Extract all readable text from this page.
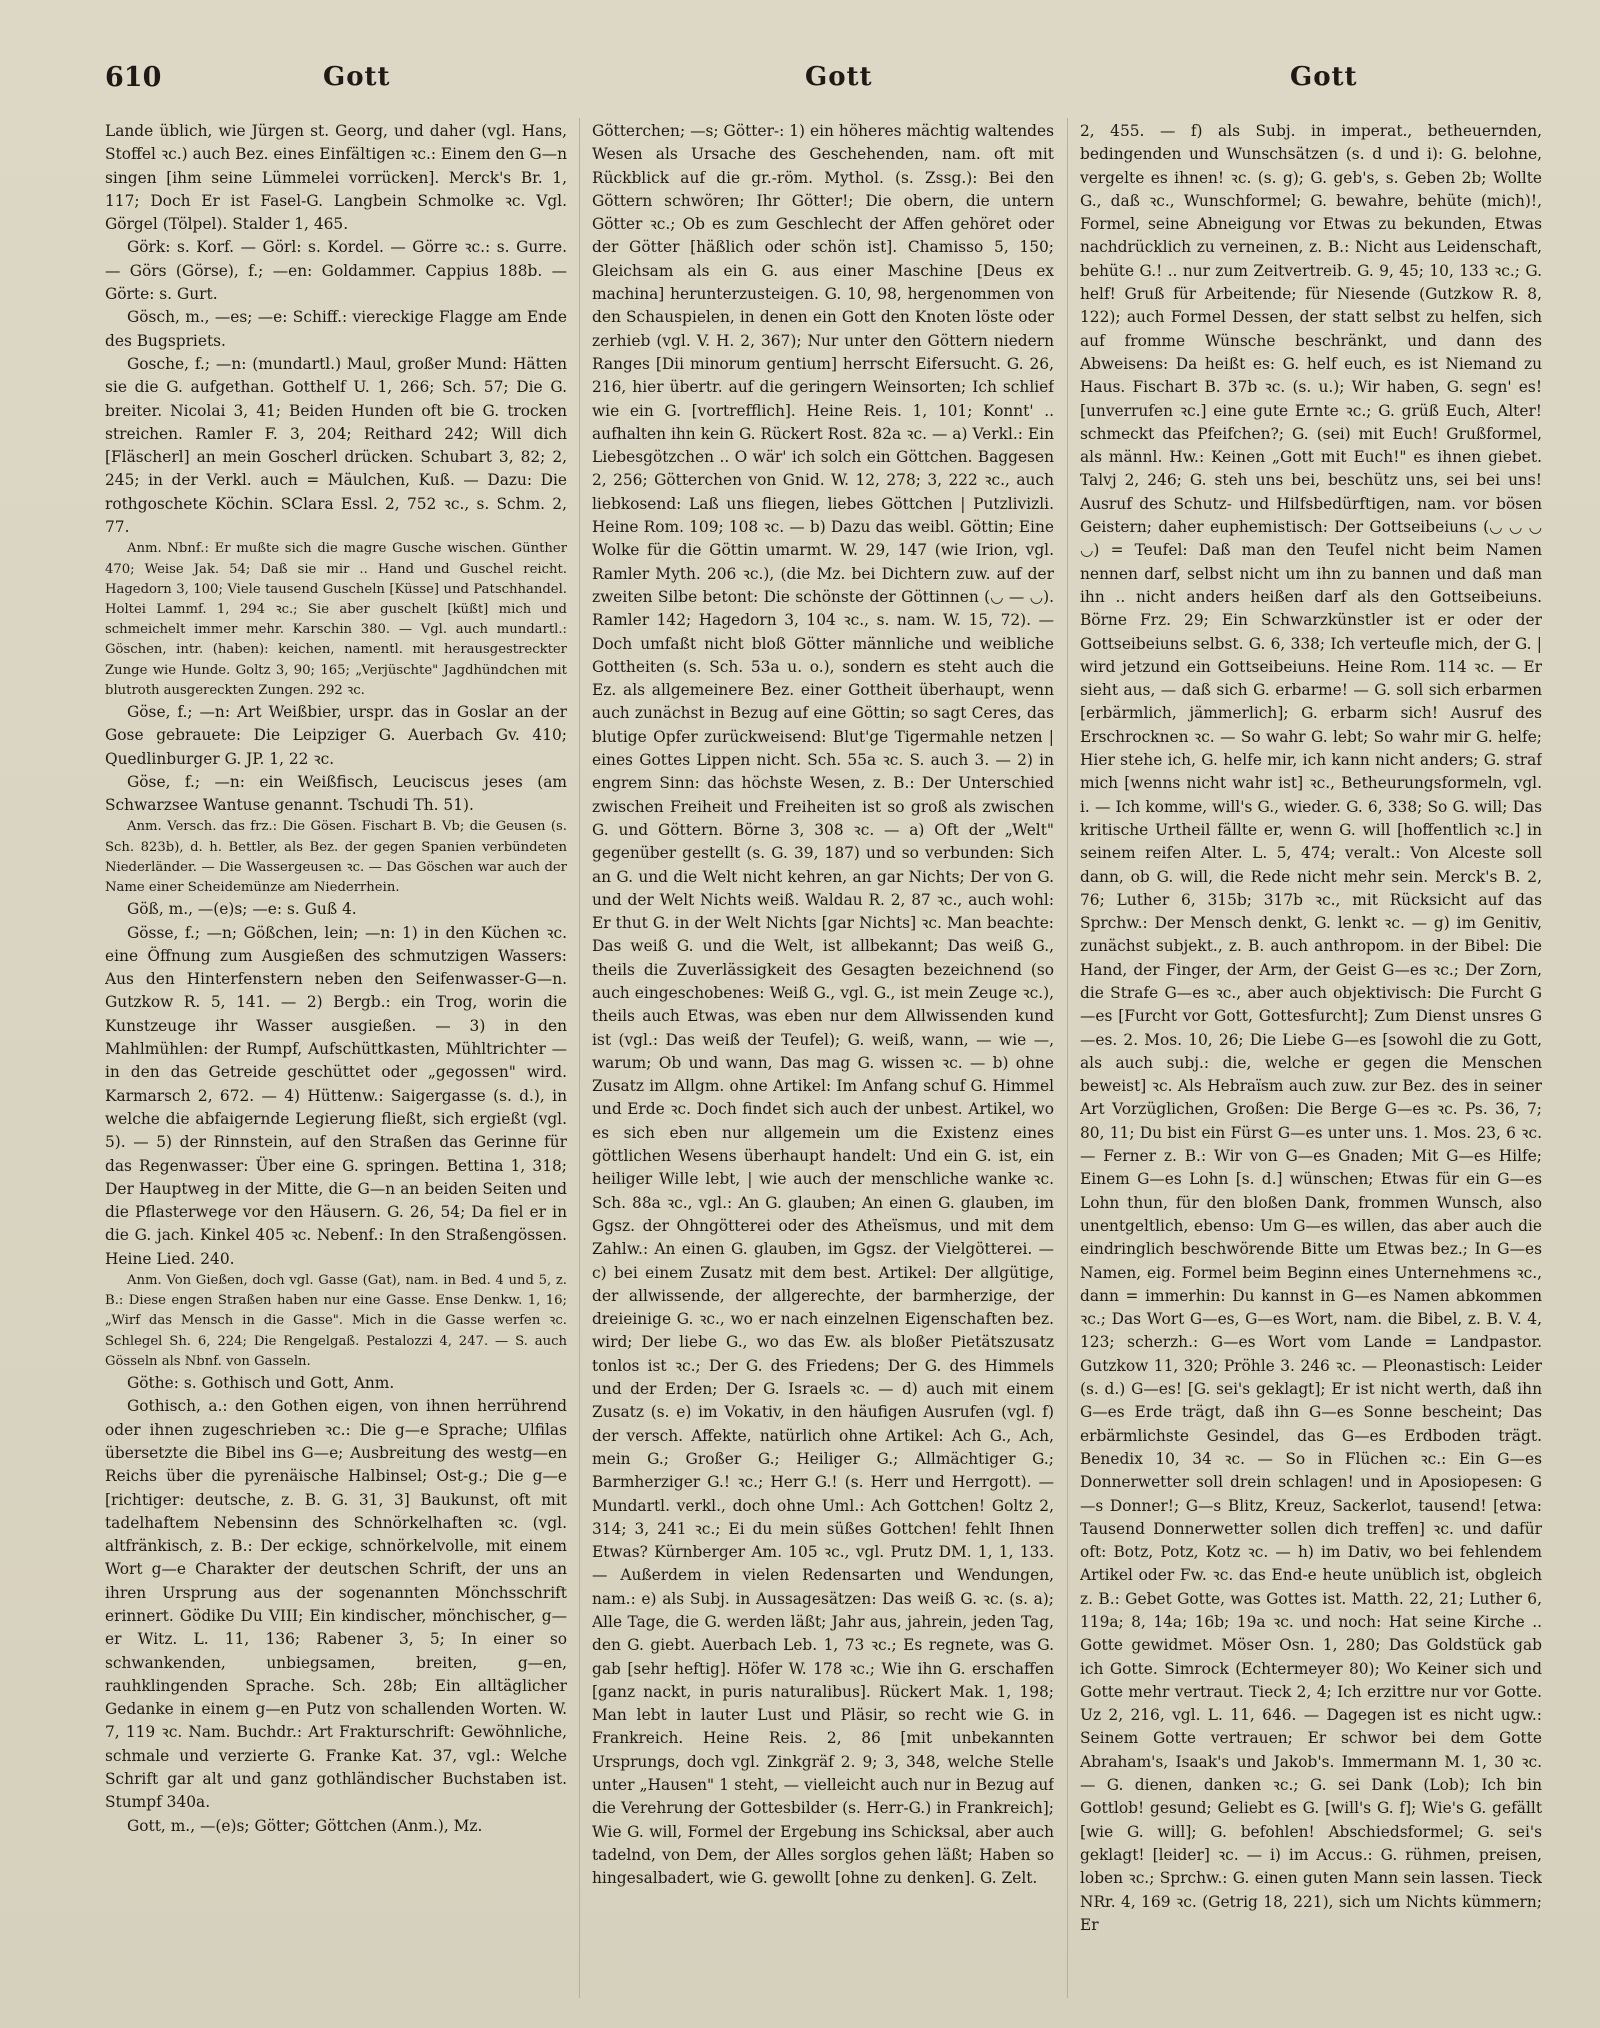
610	Gott	Gott	Gott

Lande üblich, wie Jürgen st. Georg, und daher (vgl. Hans, Stoffel ꝛc.) auch Bez. eines Einfältigen ꝛc.: Einem den G—n singen [ihm seine Lümmelei vorrücken]. Merck's Br. 1, 117; Doch Er ist Fasel-G. Langbein Schmolke ꝛc. Vgl. Görgel (Tölpel). Stalder 1, 465.

Görk: s. Korf. — Görl: s. Kordel. — Görre ꝛc.: s. Gurre. — Görs (Görse), f.; —en: Goldammer. Cappius 188b. — Görte: s. Gurt.

Gösch, m., —es; —e: Schiff.: viereckige Flagge am Ende des Bugspriets.

Gosche, f.; —n: (mundartl.) Maul, großer Mund: Hätten sie die G. aufgethan. Gotthelf U. 1, 266; Sch. 57; Die G. breiter. Nicolai 3, 41; Beiden Hunden oft bie G. trocken streichen. Ramler F. 3, 204; Reithard 242; Will dich [Fläscherl] an mein Goscherl drücken. Schubart 3, 82; 2, 245; in der Verkl. auch = Mäulchen, Kuß. — Dazu: Die rothgoschete Köchin. SClara Essl. 2, 752 ꝛc., s. Schm. 2, 77.

Anm. Nbnf.: Er mußte sich die magre Gusche wischen. Günther 470; Weise Jak. 54; Daß sie mir .. Hand und Guschel reicht. Hagedorn 3, 100; Viele tausend Guscheln [Küsse] und Patschhandel. Holtei Lammf. 1, 294 ꝛc.; Sie aber guschelt [küßt] mich und schmeichelt immer mehr. Karschin 380. — Vgl. auch mundartl.: Göschen, intr. (haben): keichen, namentl. mit herausgestreckter Zunge wie Hunde. Goltz 3, 90; 165; „Verjüschte" Jagdhündchen mit blutroth ausgereckten Zungen. 292 ꝛc.

Göse, f.; —n: Art Weißbier, urspr. das in Goslar an der Gose gebrauete: Die Leipziger G. Auerbach Gv. 410; Quedlinburger G. JP. 1, 22 ꝛc.

Göse, f.; —n: ein Weißfisch, Leuciscus jeses (am Schwarzsee Wantuse genannt. Tschudi Th. 51).

Anm. Versch. das frz.: Die Gösen. Fischart B. Vb; die Geusen (s. Sch. 823b), d. h. Bettler, als Bez. der gegen Spanien verbündeten Niederländer. — Die Wassergeusen ꝛc. — Das Göschen war auch der Name einer Scheidemünze am Niederrhein.

Göß, m., —(e)s; —e: s. Guß 4.

Gösse, f.; —n; Gößchen, lein; —n: 1) in den Küchen ꝛc. eine Öffnung zum Ausgießen des schmutzigen Wassers: Aus den Hinterfenstern neben den Seifenwasser-G—n. Gutzkow R. 5, 141. — 2) Bergb.: ein Trog, worin die Kunstzeuge ihr Wasser ausgießen. — 3) in den Mahlmühlen: der Rumpf, Aufschüttkasten, Mühltrichter — in den das Getreide geschüttet oder „gegossen" wird. Karmarsch 2, 672. — 4) Hüttenw.: Saigergasse (s. d.), in welche die abfaigernde Legierung fließt, sich ergießt (vgl. 5). — 5) der Rinnstein, auf den Straßen das Gerinne für das Regenwasser: Über eine G. springen. Bettina 1, 318; Der Hauptweg in der Mitte, die G—n an beiden Seiten und die Pflasterwege vor den Häusern. G. 26, 54; Da fiel er in die G. jach. Kinkel 405 ꝛc. Nebenf.: In den Straßengössen. Heine Lied. 240.

Anm. Von Gießen, doch vgl. Gasse (Gat), nam. in Bed. 4 und 5, z. B.: Diese engen Straßen haben nur eine Gasse. Ense Denkw. 1, 16; „Wirf das Mensch in die Gasse". Mich in die Gasse werfen ꝛc. Schlegel Sh. 6, 224; Die Rengelgaß. Pestalozzi 4, 247. — S. auch Gösseln als Nbnf. von Gasseln.

Göthe: s. Gothisch und Gott, Anm.

Gothisch, a.: den Gothen eigen, von ihnen herrührend oder ihnen zugeschrieben ꝛc.: Die g—e Sprache; Ulfilas übersetzte die Bibel ins G—e; Ausbreitung des westg—en Reichs über die pyrenäische Halbinsel; Ost-g.; Die g—e [richtiger: deutsche, z. B. G. 31, 3] Baukunst, oft mit tadelhaftem Nebensinn des Schnörkelhaften ꝛc. (vgl. altfränkisch, z. B.: Der eckige, schnörkelvolle, mit einem Wort g—e Charakter der deutschen Schrift, der uns an ihren Ursprung aus der sogenannten Mönchsschrift erinnert. Gödike Du VIII; Ein kindischer, mönchischer, g—er Witz. L. 11, 136; Rabener 3, 5; In einer so schwankenden, unbiegsamen, breiten, g—en, rauhklingenden Sprache. Sch. 28b; Ein alltäglicher Gedanke in einem g—en Putz von schallenden Worten. W. 7, 119 ꝛc. Nam. Buchdr.: Art Frakturschrift: Gewöhnliche, schmale und verzierte G. Franke Kat. 37, vgl.: Welche Schrift gar alt und ganz gothländischer Buchstaben ist. Stumpf 340a.

Gott, m., —(e)s; Götter; Göttchen (Anm.), Mz.

Götterchen; —s; Götter-: 1) ein höheres mächtig waltendes Wesen als Ursache des Geschehenden, nam. oft mit Rückblick auf die gr.-röm. Mythol. (s. Zssg.): Bei den Göttern schwören; Ihr Götter!; Die obern, die untern Götter ꝛc.; Ob es zum Geschlecht der Affen gehöret oder der Götter [häßlich oder schön ist]. Chamisso 5, 150; Gleichsam als ein G. aus einer Maschine [Deus ex machina] herunterzusteigen. G. 10, 98, hergenommen von den Schauspielen, in denen ein Gott den Knoten löste oder zerhieb (vgl. V. H. 2, 367); Nur unter den Göttern niedern Ranges [Dii minorum gentium] herrscht Eifersucht. G. 26, 216, hier übertr. auf die geringern Weinsorten; Ich schlief wie ein G. [vortrefflich]. Heine Reis. 1, 101; Konnt' .. aufhalten ihn kein G. Rückert Rost. 82a ꝛc. — a) Verkl.: Ein Liebesgötzchen .. O wär' ich solch ein Göttchen. Baggesen 2, 256; Götterchen von Gnid. W. 12, 278; 3, 222 ꝛc., auch liebkosend: Laß uns fliegen, liebes Göttchen | Putzlivizli. Heine Rom. 109; 108 ꝛc. — b) Dazu das weibl. Göttin; Eine Wolke für die Göttin umarmt. W. 29, 147 (wie Irion, vgl. Ramler Myth. 206 ꝛc.), (die Mz. bei Dichtern zuw. auf der zweiten Silbe betont: Die schönste der Göttinnen (◡ — ◡). Ramler 142; Hagedorn 3, 104 ꝛc., s. nam. W. 15, 72). — Doch umfaßt nicht bloß Götter männliche und weibliche Gottheiten (s. Sch. 53a u. o.), sondern es steht auch die Ez. als allgemeinere Bez. einer Gottheit überhaupt, wenn auch zunächst in Bezug auf eine Göttin; so sagt Ceres, das blutige Opfer zurückweisend: Blut'ge Tigermahle netzen | eines Gottes Lippen nicht. Sch. 55a ꝛc. S. auch 3. — 2) in engrem Sinn: das höchste Wesen, z. B.: Der Unterschied zwischen Freiheit und Freiheiten ist so groß als zwischen G. und Göttern. Börne 3, 308 ꝛc. — a) Oft der „Welt" gegenüber gestellt (s. G. 39, 187) und so verbunden: Sich an G. und die Welt nicht kehren, an gar Nichts; Der von G. und der Welt Nichts weiß. Waldau R. 2, 87 ꝛc., auch wohl: Er thut G. in der Welt Nichts [gar Nichts] ꝛc. Man beachte: Das weiß G. und die Welt, ist allbekannt; Das weiß G., theils die Zuverlässigkeit des Gesagten bezeichnend (so auch eingeschobenes: Weiß G., vgl. G., ist mein Zeuge ꝛc.), theils auch Etwas, was eben nur dem Allwissenden kund ist (vgl.: Das weiß der Teufel); G. weiß, wann, — wie —, warum; Ob und wann, Das mag G. wissen ꝛc. — b) ohne Zusatz im Allgm. ohne Artikel: Im Anfang schuf G. Himmel und Erde ꝛc. Doch findet sich auch der unbest. Artikel, wo es sich eben nur allgemein um die Existenz eines göttlichen Wesens überhaupt handelt: Und ein G. ist, ein heiliger Wille lebt, | wie auch der menschliche wanke ꝛc. Sch. 88a ꝛc., vgl.: An G. glauben; An einen G. glauben, im Ggsz. der Ohngötterei oder des Atheïsmus, und mit dem Zahlw.: An einen G. glauben, im Ggsz. der Vielgötterei. — c) bei einem Zusatz mit dem best. Artikel: Der allgütige, der allwissende, der allgerechte, der barmherzige, der dreieinige G. ꝛc., wo er nach einzelnen Eigenschaften bez. wird; Der liebe G., wo das Ew. als bloßer Pietätszusatz tonlos ist ꝛc.; Der G. des Friedens; Der G. des Himmels und der Erden; Der G. Israels ꝛc. — d) auch mit einem Zusatz (s. e) im Vokativ, in den häufigen Ausrufen (vgl. f) der versch. Affekte, natürlich ohne Artikel: Ach G., Ach, mein G.; Großer G.; Heiliger G.; Allmächtiger G.; Barmherziger G.! ꝛc.; Herr G.! (s. Herr und Herrgott). — Mundartl. verkl., doch ohne Uml.: Ach Gottchen! Goltz 2, 314; 3, 241 ꝛc.; Ei du mein süßes Gottchen! fehlt Ihnen Etwas? Kürnberger Am. 105 ꝛc., vgl. Prutz DM. 1, 1, 133. — Außerdem in vielen Redensarten und Wendungen, nam.: e) als Subj. in Aussagesätzen: Das weiß G. ꝛc. (s. a); Alle Tage, die G. werden läßt; Jahr aus, jahrein, jeden Tag, den G. giebt. Auerbach Leb. 1, 73 ꝛc.; Es regnete, was G. gab [sehr heftig]. Höfer W. 178 ꝛc.; Wie ihn G. erschaffen [ganz nackt, in puris naturalibus]. Rückert Mak. 1, 198; Man lebt in lauter Lust und Pläsir, so recht wie G. in Frankreich. Heine Reis. 2, 86 [mit unbekannten Ursprungs, doch vgl. Zinkgräf 2. 9; 3, 348, welche Stelle unter „Hausen" 1 steht, — vielleicht auch nur in Bezug auf die Verehrung der Gottesbilder (s. Herr-G.) in Frankreich]; Wie G. will, Formel der Ergebung ins Schicksal, aber auch tadelnd, von Dem, der Alles sorglos gehen läßt; Haben so hingesalbadert, wie G. gewollt [ohne zu denken]. G. Zelt.

2, 455. — f) als Subj. in imperat., betheuernden, bedingenden und Wunschsätzen (s. d und i): G. belohne, vergelte es ihnen! ꝛc. (s. g); G. geb's, s. Geben 2b; Wollte G., daß ꝛc., Wunschformel; G. bewahre, behüte (mich)!, Formel, seine Abneigung vor Etwas zu bekunden, Etwas nachdrücklich zu verneinen, z. B.: Nicht aus Leidenschaft, behüte G.! .. nur zum Zeitvertreib. G. 9, 45; 10, 133 ꝛc.; G. helf! Gruß für Arbeitende; für Niesende (Gutzkow R. 8, 122); auch Formel Dessen, der statt selbst zu helfen, sich auf fromme Wünsche beschränkt, und dann des Abweisens: Da heißt es: G. helf euch, es ist Niemand zu Haus. Fischart B. 37b ꝛc. (s. u.); Wir haben, G. segn' es! [unverrufen ꝛc.] eine gute Ernte ꝛc.; G. grüß Euch, Alter! schmeckt das Pfeifchen?; G. (sei) mit Euch! Grußformel, als männl. Hw.: Keinen „Gott mit Euch!" es ihnen giebet. Talvj 2, 246; G. steh uns bei, beschütz uns, sei bei uns! Ausruf des Schutz- und Hilfsbedürftigen, nam. vor bösen Geistern; daher euphemistisch: Der Gottseibeiuns (◡ ◡ ◡ ◡) = Teufel: Daß man den Teufel nicht beim Namen nennen darf, selbst nicht um ihn zu bannen und daß man ihn .. nicht anders heißen darf als den Gottseibeiuns. Börne Frz. 29; Ein Schwarzkünstler ist er oder der Gottseibeiuns selbst. G. 6, 338; Ich verteufle mich, der G. | wird jetzund ein Gottseibeiuns. Heine Rom. 114 ꝛc. — Er sieht aus, — daß sich G. erbarme! — G. soll sich erbarmen [erbärmlich, jämmerlich]; G. erbarm sich! Ausruf des Erschrocknen ꝛc. — So wahr G. lebt; So wahr mir G. helfe; Hier stehe ich, G. helfe mir, ich kann nicht anders; G. straf mich [wenns nicht wahr ist] ꝛc., Betheurungsformeln, vgl. i. — Ich komme, will's G., wieder. G. 6, 338; So G. will; Das kritische Urtheil fällte er, wenn G. will [hoffentlich ꝛc.] in seinem reifen Alter. L. 5, 474; veralt.: Von Alceste soll dann, ob G. will, die Rede nicht mehr sein. Merck's B. 2, 76; Luther 6, 315b; 317b ꝛc., mit Rücksicht auf das Sprchw.: Der Mensch denkt, G. lenkt ꝛc. — g) im Genitiv, zunächst subjekt., z. B. auch anthropom. in der Bibel: Die Hand, der Finger, der Arm, der Geist G—es ꝛc.; Der Zorn, die Strafe G—es ꝛc., aber auch objektivisch: Die Furcht G—es [Furcht vor Gott, Gottesfurcht]; Zum Dienst unsres G—es. 2. Mos. 10, 26; Die Liebe G—es [sowohl die zu Gott, als auch subj.: die, welche er gegen die Menschen beweist] ꝛc. Als Hebraïsm auch zuw. zur Bez. des in seiner Art Vorzüglichen, Großen: Die Berge G—es ꝛc. Ps. 36, 7; 80, 11; Du bist ein Fürst G—es unter uns. 1. Mos. 23, 6 ꝛc. — Ferner z. B.: Wir von G—es Gnaden; Mit G—es Hilfe; Einem G—es Lohn [s. d.] wünschen; Etwas für ein G—es Lohn thun, für den bloßen Dank, frommen Wunsch, also unentgeltlich, ebenso: Um G—es willen, das aber auch die eindringlich beschwörende Bitte um Etwas bez.; In G—es Namen, eig. Formel beim Beginn eines Unternehmens ꝛc., dann = immerhin: Du kannst in G—es Namen abkommen ꝛc.; Das Wort G—es, G—es Wort, nam. die Bibel, z. B. V. 4, 123; scherzh.: G—es Wort vom Lande = Landpastor. Gutzkow 11, 320; Pröhle 3. 246 ꝛc. — Pleonastisch: Leider (s. d.) G—es! [G. sei's geklagt]; Er ist nicht werth, daß ihn G—es Erde trägt, daß ihn G—es Sonne bescheint; Das erbärmlichste Gesindel, das G—es Erdboden trägt. Benedix 10, 34 ꝛc. — So in Flüchen ꝛc.: Ein G—es Donnerwetter soll drein schlagen! und in Aposiopesen: G—s Donner!; G—s Blitz, Kreuz, Sackerlot, tausend! [etwa: Tausend Donnerwetter sollen dich treffen] ꝛc. und dafür oft: Botz, Potz, Kotz ꝛc. — h) im Dativ, wo bei fehlendem Artikel oder Fw. ꝛc. das End-e heute unüblich ist, obgleich z. B.: Gebet Gotte, was Gottes ist. Matth. 22, 21; Luther 6, 119a; 8, 14a; 16b; 19a ꝛc. und noch: Hat seine Kirche .. Gotte gewidmet. Möser Osn. 1, 280; Das Goldstück gab ich Gotte. Simrock (Echtermeyer 80); Wo Keiner sich und Gotte mehr vertraut. Tieck 2, 4; Ich erzittre nur vor Gotte. Uz 2, 216, vgl. L. 11, 646. — Dagegen ist es nicht ugw.: Seinem Gotte vertrauen; Er schwor bei dem Gotte Abraham's, Isaak's und Jakob's. Immermann M. 1, 30 ꝛc. — G. dienen, danken ꝛc.; G. sei Dank (Lob); Ich bin Gottlob! gesund; Geliebt es G. [will's G. f]; Wie's G. gefällt [wie G. will]; G. befohlen! Abschiedsformel; G. sei's geklagt! [leider] ꝛc. — i) im Accus.: G. rühmen, preisen, loben ꝛc.; Sprchw.: G. einen guten Mann sein lassen. Tieck NRr. 4, 169 ꝛc. (Getrig 18, 221), sich um Nichts kümmern; Er
